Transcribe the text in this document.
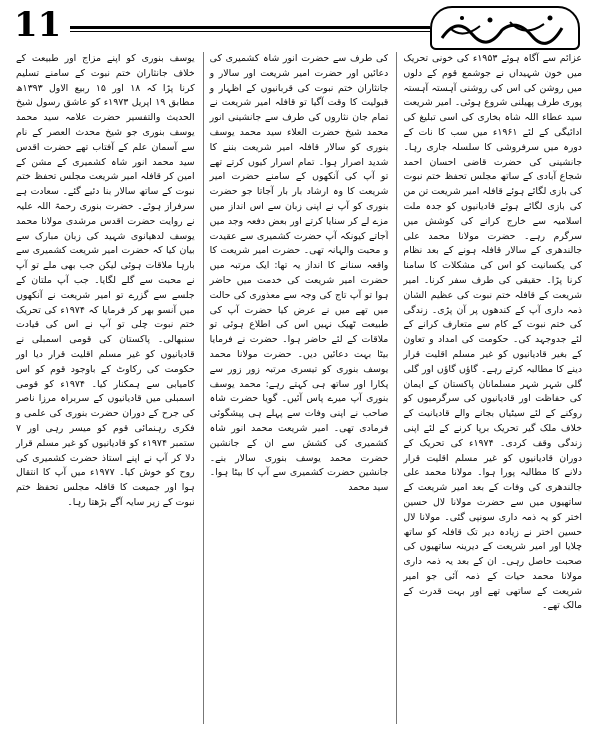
11

عزائم سے آگاہ ہوئے ۱۹۵۳ء کی خونی تحریک میں خون شہیداں نے جوشمع قوم کے دلوں میں روشن کی اس کی روشنی آہستہ آہستہ پوری طرف پھیلنی شروع ہوئی۔ امیر شریعت سید عطاء اللہ شاہ بخاری کی اسی تبلیغ کی ادائیگی کے لئے ۱۹۶۱ء میں سب کا نات کے دورہ میں سرفروشی کا سلسلہ جاری رہا۔ جانشینی کی حضرت قاضی احسان احمد شجاع آبادی کے ساتھ مجلس تحفظ ختم نبوت کی بازی لگائے ہوئے قافلہ امیر شریعت تن من کی بازی لگائے ہوئے قادیانیوں کو جدہ ملت اسلامیہ سے خارج کرانے کی کوشش میں سرگرم رہے۔ حضرت مولانا محمد علی جالندھری کے سالار قافلہ ہونے کے بعد نظام کی یکسانیت کو اس کی مشکلات کا سامنا کرنا پڑا۔ حقیقی کی طرف سفر کرنا۔ امیر شریعت کے قافلہ ختم نبوت کی عظیم الشان ذمہ داری آپ کے کندھوں پر آن پڑی۔ زندگی کی ختم نبوت کے کام سے متعارف کرانے کے لئے جدوجہد کی۔ حکومت کی امداد و تعاون کے بغیر قادیانیوں کو غیر مسلم اقلیت قرار دینے کا مطالبہ کرتے رہے۔ گاؤں گاؤں اور گلی گلی شہر شہر مسلمانان پاکستان کے ایمان کی حفاظت اور قادیانیوں کی سرگرمیوں کو روکنے کے لئے سیٹیاں بجانے والے قادیانیت کے خلاف ملک گیر تحریک برپا کرنے کے لئے اپنی زندگی وقف کردی۔ ۱۹۷۴ء کی تحریک کے دوران قادیانیوں کو غیر مسلم اقلیت قرار دلانے کا مطالبہ پورا ہوا۔ مولانا محمد علی جالندھری کی وفات کے بعد امیر شریعت کے ساتھیوں میں سے حضرت مولانا لال حسین اختر کو یہ ذمہ داری سونپی گئی۔ مولانا لال حسین اختر نے زیادہ دیر تک قافلہ کو ساتھ چلایا اور امیر شریعت کے دیرینہ ساتھیوں کی صحبت حاصل رہی۔ ان کے بعد یہ ذمہ داری مولانا محمد حیات کے ذمہ آئی جو امیر شریعت کے ساتھی تھے اور بہت قدرت کے مالک تھے۔

کی طرف سے حضرت انور شاہ کشمیری کی دعائیں اور حضرت امیر شریعت اور سالار و جانثاران ختم نبوت کی قربانیوں کے اظہار و قبولیت کا وقت آگیا تو قافلہ امیر شریعت نے تمام جان نثاروں کی طرف سے جانشینی انور محمد شیخ حضرت العلاء سید محمد یوسف بنوری کو سالار قافلہ امیر شریعت بننے کا شدید اصرار ہوا۔ تمام اسرار کیوں کرتے تھے تو آپ کی آنکھوں کے سامنے حضرت امیر شریعت کا وہ ارشاد بار بار آجاتا جو حضرت بنوری کو آپ نے اپنی زبان سے اس انداز میں مزے لے کر سنایا کرتے اور بعض دفعہ وجد میں آجاتے کیونکہ آپ حضرت کشمیری سے عقیدت و محبت والہانہ تھی۔ حضرت امیر شریعت کا واقعہ سنانے کا انداز یہ تھا: ایک مرتبہ میں حضرت امیر شریعت کی خدمت میں حاضر ہوا تو آپ تاج کی وجہ سے معذوری کی حالت میں تھے میں نے عرض کیا حضرت آپ کی طبیعت ٹھیک نہیں اس کی اطلاع ہوئی تو ملاقات کے لئے حاضر ہوا۔ حضرت نے فرمایا بیٹا بہت دعائیں دیں۔ حضرت مولانا محمد یوسف بنوری کو تیسری مرتبہ زور زور سے پکارا اور ساتھ ہی کہتے رہے: محمد یوسف بنوری آپ میرے پاس آئیں۔ گویا حضرت شاہ صاحب نے اپنی وفات سے پہلے ہی پیشگوئی فرمادی تھی۔ امیر شریعت محمد انور شاہ کشمیری کی کشش سے ان کے جانشین حضرت محمد یوسف بنوری سالار بنے۔ جانشین حضرت کشمیری سے آپ کا بیٹا ہوا۔ سید محمد

یوسف بنوری کو اپنے مزاج اور طبیعت کے خلاف جانثاران ختم نبوت کے سامنے تسلیم کرنا پڑا کہ ۱۸ اور ۱۵ ربیع الاول ۱۳۹۳ھ مطابق ۱۹ اپریل ۱۹۷۳ء کو عاشق رسول شیخ الحدیث والتفسیر حضرت علامہ سید محمد یوسف بنوری جو شیخ محدث العصر کے نام سے آسمان علم کے آفتاب تھے حضرت اقدس سید محمد انور شاہ کشمیری کے مشن کے امین کر قافلہ امیر شریعت مجلس تحفظ ختم نبوت کے ساتھ سالار بنا دئیے گئے۔ سعادت ہے سرفراز ہوئے۔ حضرت بنوری رحمۃ اللہ علیہ نے روایت حضرت اقدس مرشدی مولانا محمد یوسف لدھیانوی شہید کی زبان مبارک سے بیان کیا کہ حضرت امیر شریعت کشمیری سے بارہا ملاقات ہوئی لیکن جب بھی ملے تو آپ نے محبت سے گلے لگایا۔ جب آپ ملتان کے جلسے سے گزرے تو امیر شریعت نے آنکھوں میں آنسو بھر کر فرمایا کہ ۱۹۷۴ء کی تحریک ختم نبوت چلی تو آپ نے اس کی قیادت سنبھالی۔ پاکستان کی قومی اسمبلی نے قادیانیوں کو غیر مسلم اقلیت قرار دیا اور حکومت کی رکاوٹ کے باوجود قوم کو اس کامیابی سے ہمکنار کیا۔ ۱۹۷۴ء کو قومی اسمبلی میں قادیانیوں کے سربراہ مرزا ناصر کی جرح کے دوران حضرت بنوری کی علمی و فکری رہنمائی قوم کو میسر رہی اور ۷ ستمبر ۱۹۷۴ء کو قادیانیوں کو غیر مسلم قرار دلا کر آپ نے اپنے استاذ حضرت کشمیری کی روح کو خوش کیا۔ ۱۹۷۷ء میں آپ کا انتقال ہوا اور جمیعت کا قافلہ مجلس تحفظ ختم نبوت کے زیر سایہ آگے بڑھتا رہا۔
